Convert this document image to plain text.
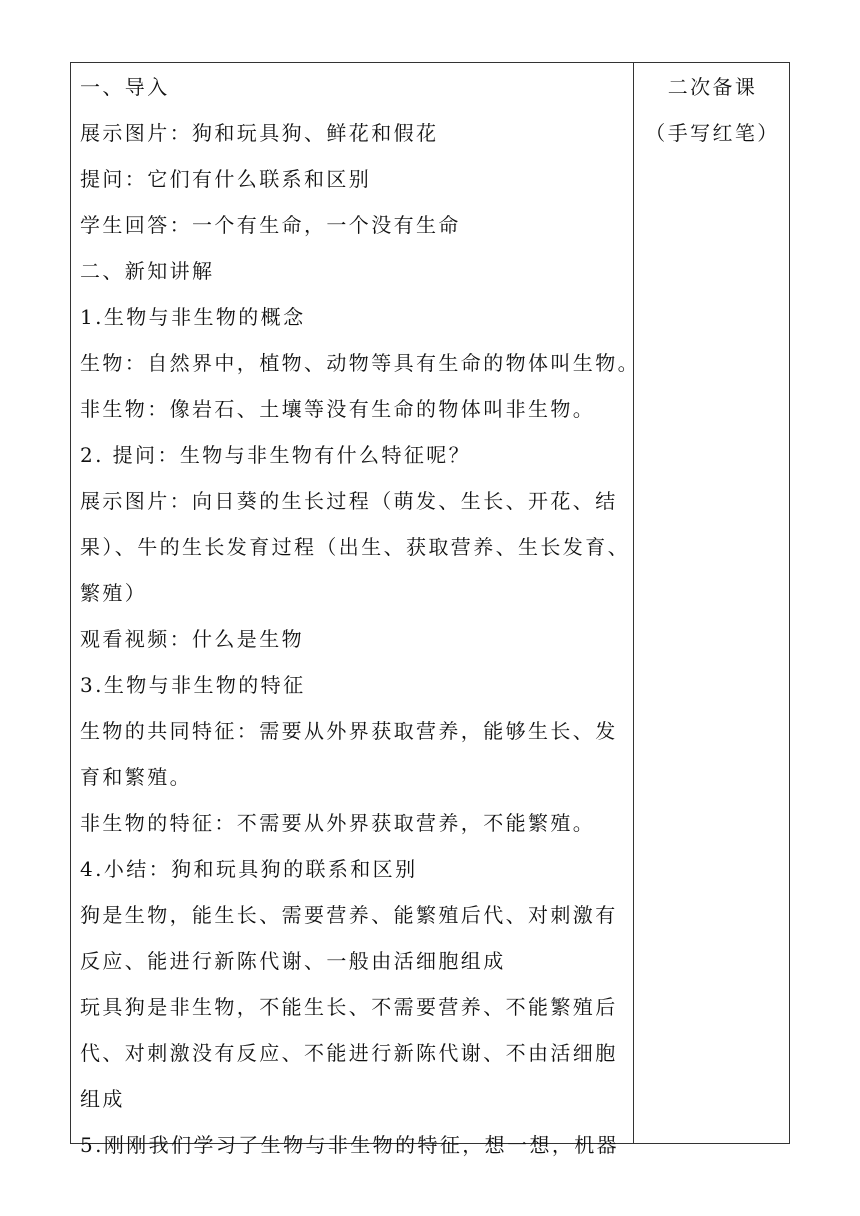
一、导入
展示图片：狗和玩具狗、鲜花和假花
提问：它们有什么联系和区别
学生回答：一个有生命，一个没有生命
二、新知讲解
1.生物与非生物的概念
生物：自然界中，植物、动物等具有生命的物体叫生物。
非生物：像岩石、土壤等没有生命的物体叫非生物。
2. 提问：生物与非生物有什么特征呢？
展示图片：向日葵的生长过程（萌发、生长、开花、结
果）、牛的生长发育过程（出生、获取营养、生长发育、
繁殖）
观看视频：什么是生物
3.生物与非生物的特征
生物的共同特征：需要从外界获取营养，能够生长、发
育和繁殖。
非生物的特征：不需要从外界获取营养，不能繁殖。
4.小结：狗和玩具狗的联系和区别
狗是生物，能生长、需要营养、能繁殖后代、对刺激有
反应、能进行新陈代谢、一般由活细胞组成
玩具狗是非生物，不能生长、不需要营养、不能繁殖后
代、对刺激没有反应、不能进行新陈代谢、不由活细胞
组成
5.刚刚我们学习了生物与非生物的特征，想一想，机器
二次备课
（手写红笔）
